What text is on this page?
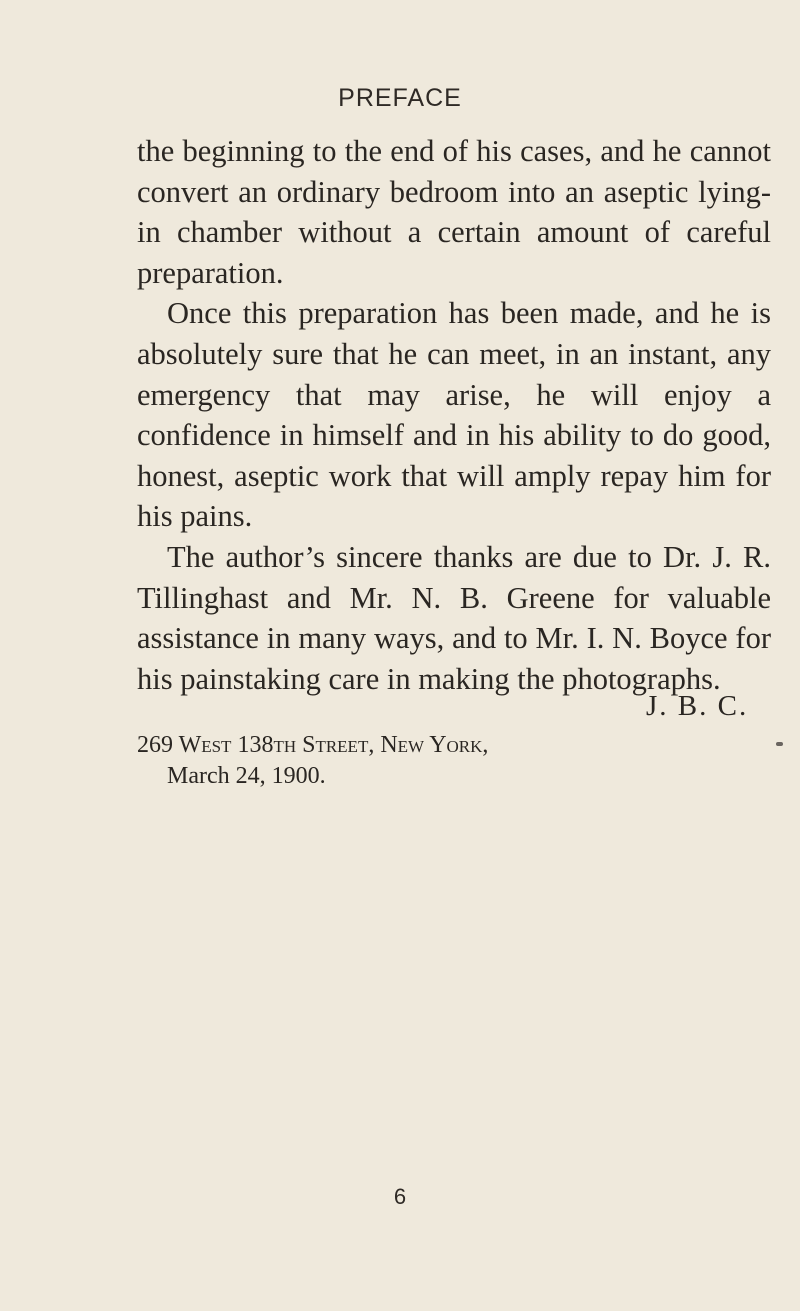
PREFACE

the beginning to the end of his cases, and he cannot convert an ordinary bedroom into an aseptic lying-in chamber without a certain amount of careful preparation.

Once this preparation has been made, and he is absolutely sure that he can meet, in an instant, any emergency that may arise, he will enjoy a confidence in himself and in his ability to do good, honest, aseptic work that will amply repay him for his pains.

The author’s sincere thanks are due to Dr. J. R. Tillinghast and Mr. N. B. Greene for valuable assistance in many ways, and to Mr. I. N. Boyce for his painstaking care in making the photographs.

J. B. C.
269 West 138th Street, New York,
March 24, 1900.
6
